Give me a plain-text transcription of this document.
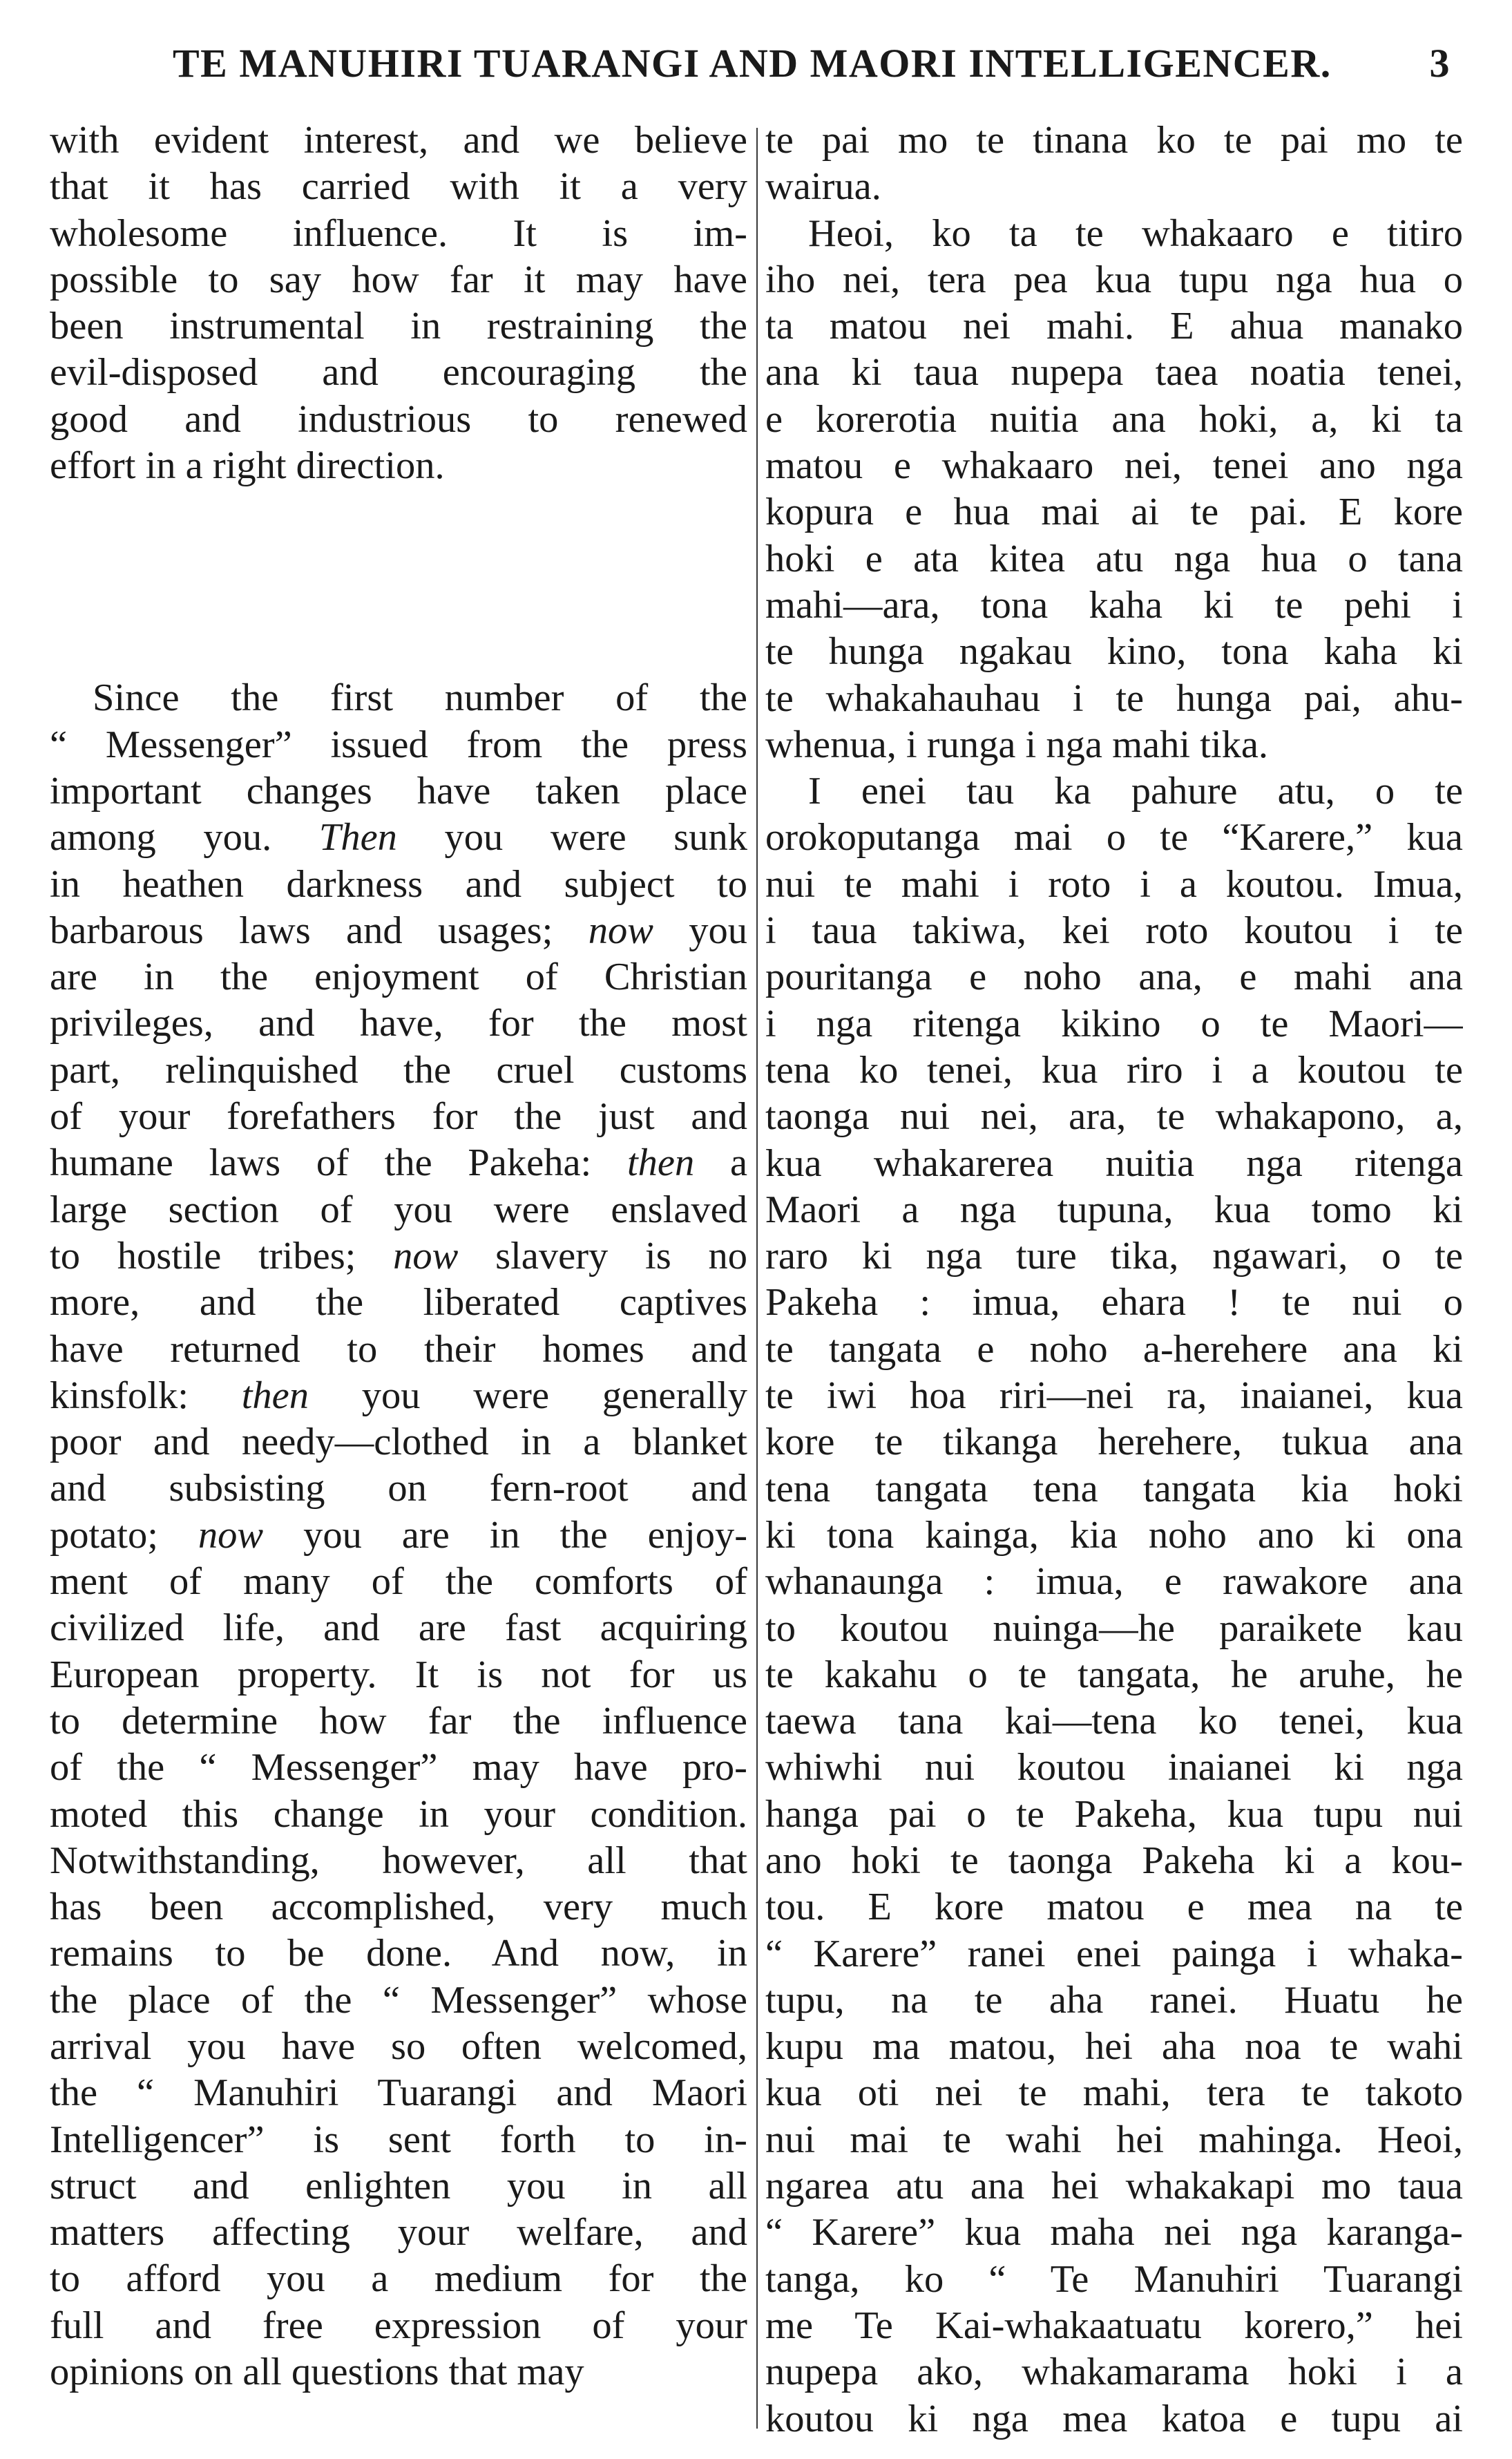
TE MANUHIRI TUARANGI AND MAORI INTELLIGENCER. 3
with evident interest, and we believe
that it has carried with it a very
wholesome influence. It is im-
possible to say how far it may have
been instrumental in restraining the
evil-disposed and encouraging the
good and industrious to renewed
effort in a right direction.
Since the first number of the
“ Messenger” issued from the press
important changes have taken place
among you. Then you were sunk
in heathen darkness and subject to
barbarous laws and usages; now you
are in the enjoyment of Christian
privileges, and have, for the most
part, relinquished the cruel customs
of your forefathers for the just and
humane laws of the Pakeha: then a
large section of you were enslaved
to hostile tribes; now slavery is no
more, and the liberated captives
have returned to their homes and
kinsfolk: then you were generally
poor and needy—clothed in a blanket
and subsisting on fern-root and
potato; now you are in the enjoy-
ment of many of the comforts of
civilized life, and are fast acquiring
European property. It is not for us
to determine how far the influence
of the “ Messenger” may have pro-
moted this change in your condition.
Notwithstanding, however, all that
has been accomplished, very much
remains to be done. And now, in
the place of the “ Messenger” whose
arrival you have so often welcomed,
the “ Manuhiri Tuarangi and Maori
Intelligencer” is sent forth to in-
struct and enlighten you in all
matters affecting your welfare, and
to afford you a medium for the
full and free expression of your
opinions on all questions that may
te pai mo te tinana ko te pai mo te
wairua.
Heoi, ko ta te whakaaro e titiro
iho nei, tera pea kua tupu nga hua o
ta matou nei mahi. E ahua manako
ana ki taua nupepa taea noatia tenei,
e korerotia nuitia ana hoki, a, ki ta
matou e whakaaro nei, tenei ano nga
kopura e hua mai ai te pai. E kore
hoki e ata kitea atu nga hua o tana
mahi—ara, tona kaha ki te pehi i
te hunga ngakau kino, tona kaha ki
te whakahauhau i te hunga pai, ahu-
whenua, i runga i nga mahi tika.
I enei tau ka pahure atu, o te
orokoputanga mai o te “Karere,” kua
nui te mahi i roto i a koutou. Imua,
i taua takiwa, kei roto koutou i te
pouritanga e noho ana, e mahi ana
i nga ritenga kikino o te Maori—
tena ko tenei, kua riro i a koutou te
taonga nui nei, ara, te whakapono, a,
kua whakarerea nuitia nga ritenga
Maori a nga tupuna, kua tomo ki
raro ki nga ture tika, ngawari, o te
Pakeha : imua, ehara ! te nui o
te tangata e noho a-herehere ana ki
te iwi hoa riri—nei ra, inaianei, kua
kore te tikanga herehere, tukua ana
tena tangata tena tangata kia hoki
ki tona kainga, kia noho ano ki ona
whanaunga : imua, e rawakore ana
to koutou nuinga—he paraikete kau
te kakahu o te tangata, he aruhe, he
taewa tana kai—tena ko tenei, kua
whiwhi nui koutou inaianei ki nga
hanga pai o te Pakeha, kua tupu nui
ano hoki te taonga Pakeha ki a kou-
tou. E kore matou e mea na te
“ Karere” ranei enei painga i whaka-
tupu, na te aha ranei. Huatu he
kupu ma matou, hei aha noa te wahi
kua oti nei te mahi, tera te takoto
nui mai te wahi hei mahinga. Heoi,
ngarea atu ana hei whakakapi mo taua
“ Karere” kua maha nei nga karanga-
tanga, ko “ Te Manuhiri Tuarangi
me Te Kai-whakaatuatu korero,” hei
nupepa ako, whakamarama hoki i a
koutou ki nga mea katoa e tupu ai
